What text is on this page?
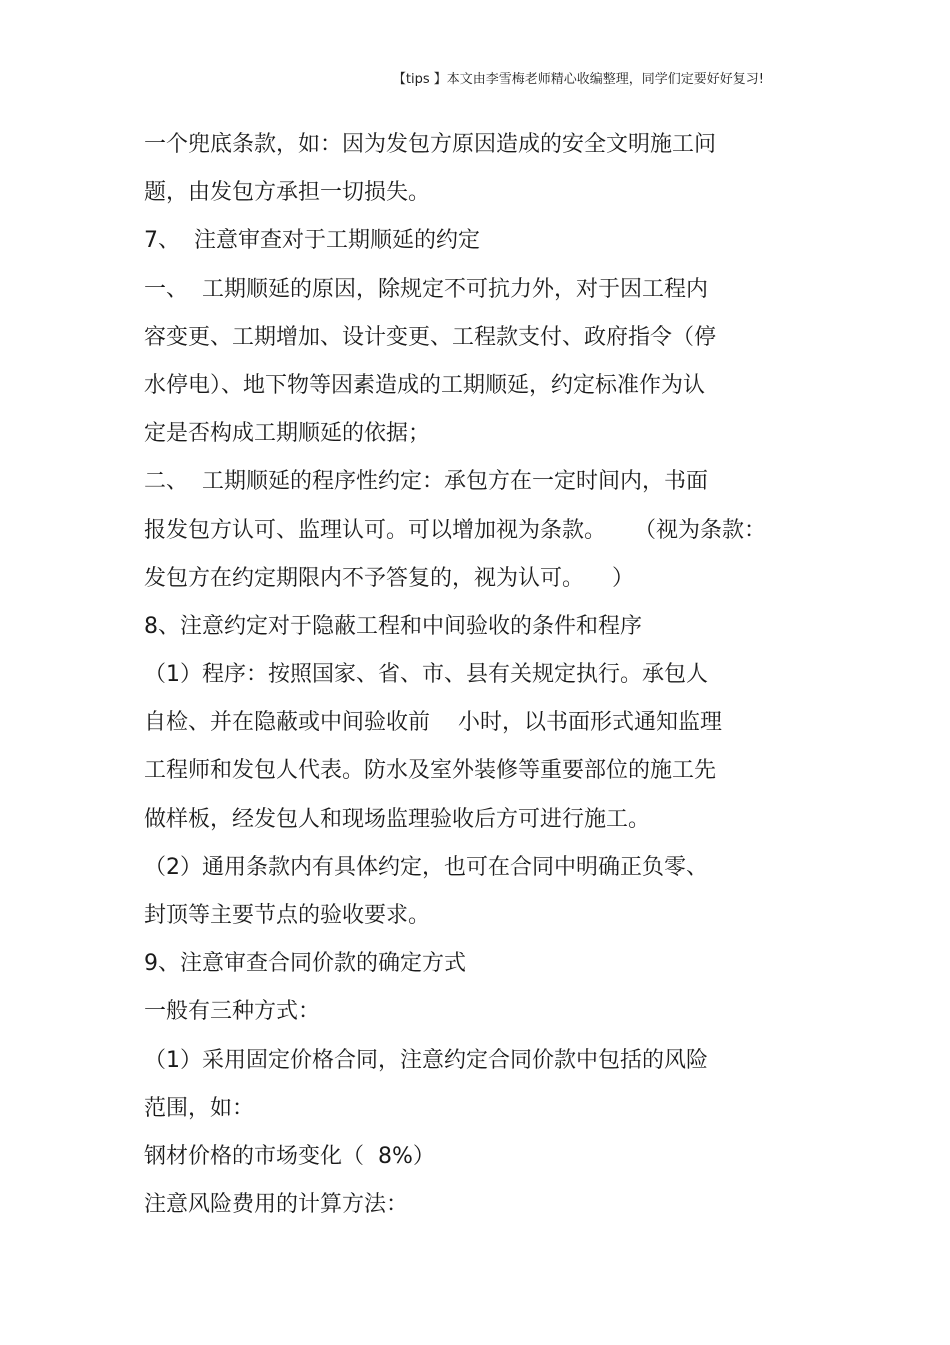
【tips 】本文由李雪梅老师精心收编整理，同学们定要好好复习!
一个兜底条款，如：因为发包方原因造成的安全文明施工问
题，由发包方承担一切损失。
7、  注意审查对于工期顺延的约定
一、  工期顺延的原因，除规定不可抗力外，对于因工程内
容变更、工期增加、设计变更、工程款支付、政府指令（停
水停电）、地下物等因素造成的工期顺延，约定标准作为认
定是否构成工期顺延的依据；
二、  工期顺延的程序性约定：承包方在一定时间内，书面
报发包方认可、监理认可。可以增加视为条款。    （视为条款：
发包方在约定期限内不予答复的，视为认可。    ）
8、注意约定对于隐蔽工程和中间验收的条件和程序
（1）程序：按照国家、省、市、县有关规定执行。承包人
自检、并在隐蔽或中间验收前    小时，以书面形式通知监理
工程师和发包人代表。防水及室外装修等重要部位的施工先
做样板，经发包人和现场监理验收后方可进行施工。
（2）通用条款内有具体约定，也可在合同中明确正负零、
封顶等主要节点的验收要求。
9、注意审查合同价款的确定方式
一般有三种方式：
（1）采用固定价格合同，注意约定合同价款中包括的风险
范围，如：
钢材价格的市场变化（  8%）
注意风险费用的计算方法：
